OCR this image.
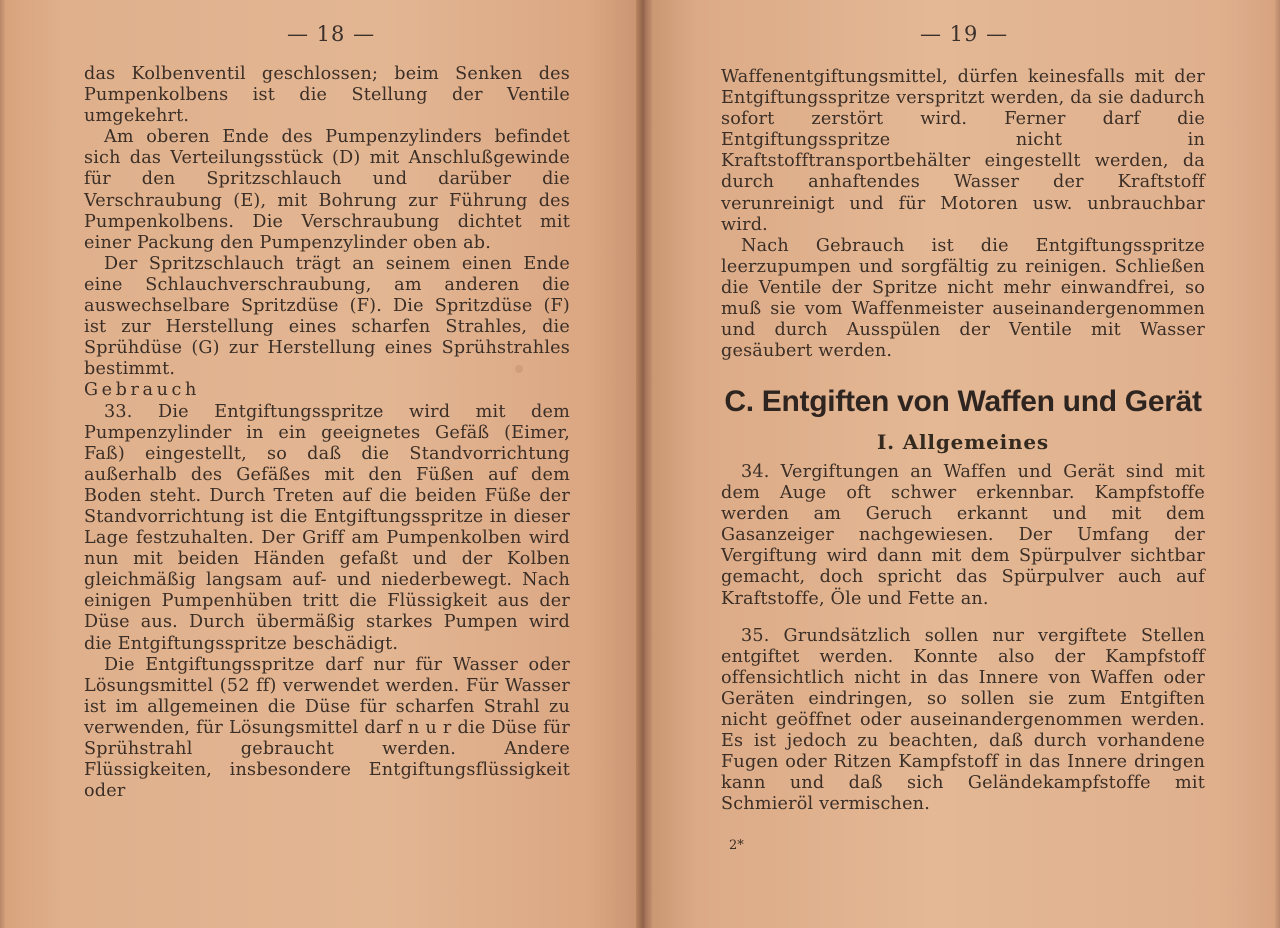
— 18 —	— 19 —

das Kolbenventil geschlossen; beim Senken des Pumpenkolbens ist die Stellung der Ventile umgekehrt.

Am oberen Ende des Pumpenzylinders befindet sich das Verteilungsstück (D) mit Anschlußgewinde für den Spritzschlauch und darüber die Verschraubung (E), mit Bohrung zur Führung des Pumpenkolbens. Die Verschraubung dichtet mit einer Packung den Pumpenzylinder oben ab.

Der Spritzschlauch trägt an seinem einen Ende eine Schlauchverschraubung, am anderen die auswechselbare Spritzdüse (F). Die Spritzdüse (F) ist zur Herstellung eines scharfen Strahles, die Sprühdüse (G) zur Herstellung eines Sprühstrahles bestimmt.

Gebrauch

33. Die Entgiftungsspritze wird mit dem Pumpenzylinder in ein geeignetes Gefäß (Eimer, Faß) eingestellt, so daß die Standvorrichtung außerhalb des Gefäßes mit den Füßen auf dem Boden steht. Durch Treten auf die beiden Füße der Standvorrichtung ist die Entgiftungsspritze in dieser Lage festzuhalten. Der Griff am Pumpenkolben wird nun mit beiden Händen gefaßt und der Kolben gleichmäßig langsam auf- und niederbewegt. Nach einigen Pumpenhüben tritt die Flüssigkeit aus der Düse aus. Durch übermäßig starkes Pumpen wird die Entgiftungsspritze beschädigt.

Die Entgiftungsspritze darf nur für Wasser oder Lösungsmittel (52 ff) verwendet werden. Für Wasser ist im allgemeinen die Düse für scharfen Strahl zu verwenden, für Lösungsmittel darf n u r die Düse für Sprühstrahl gebraucht werden. Andere Flüssigkeiten, insbesondere Entgiftungsflüssigkeit oder

Waffenentgiftungsmittel, dürfen keinesfalls mit der Entgiftungsspritze verspritzt werden, da sie dadurch sofort zerstört wird. Ferner darf die Entgiftungsspritze nicht in Kraftstofftransportbehälter eingestellt werden, da durch anhaftendes Wasser der Kraftstoff verunreinigt und für Motoren usw. unbrauchbar wird.

Nach Gebrauch ist die Entgiftungsspritze leerzupumpen und sorgfältig zu reinigen. Schließen die Ventile der Spritze nicht mehr einwandfrei, so muß sie vom Waffenmeister auseinandergenommen und durch Ausspülen der Ventile mit Wasser gesäubert werden.

C. Entgiften von Waffen und Gerät
I. Allgemeines

34. Vergiftungen an Waffen und Gerät sind mit dem Auge oft schwer erkennbar. Kampfstoffe werden am Geruch erkannt und mit dem Gasanzeiger nachgewiesen. Der Umfang der Vergiftung wird dann mit dem Spürpulver sichtbar gemacht, doch spricht das Spürpulver auch auf Kraftstoffe, Öle und Fette an.

35. Grundsätzlich sollen nur vergiftete Stellen entgiftet werden. Konnte also der Kampfstoff offensichtlich nicht in das Innere von Waffen oder Geräten eindringen, so sollen sie zum Entgiften nicht geöffnet oder auseinandergenommen werden. Es ist jedoch zu beachten, daß durch vorhandene Fugen oder Ritzen Kampfstoff in das Innere dringen kann und daß sich Geländekampfstoffe mit Schmieröl vermischen.

2*
